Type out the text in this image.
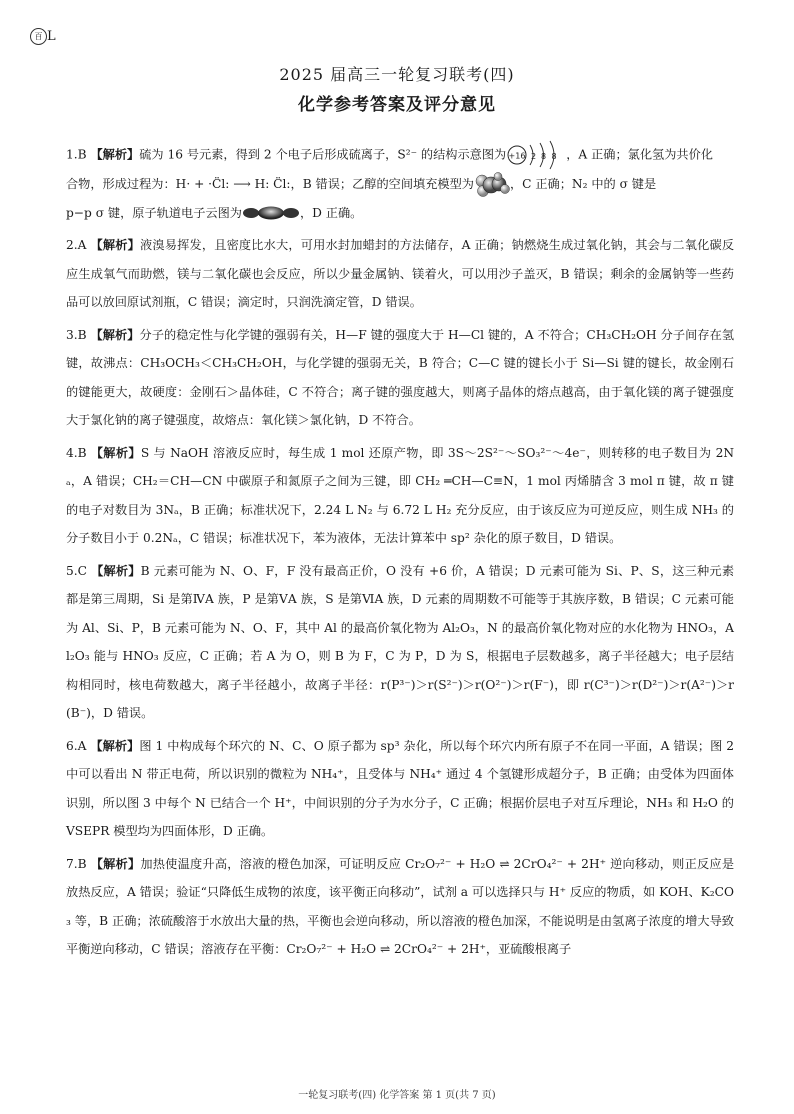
百 L
2025 届高三一轮复习联考(四)
化学参考答案及评分意见

1.B 【解析】硫为 16 号元素，得到 2 个电子后形成硫离子，S²⁻ 的结构示意图为 +16 2 8 8 ，A 正确；氯化氢为共价化
合物，形成过程为：H· + ·C̈l: ⟶ H: C̈l:，B 错误；乙醇的空间填充模型为	，C 正确；N₂ 中的 σ 键是
p−p σ 键，原子轨道电子云图为	，D 正确。

2.A 【解析】液溴易挥发，且密度比水大，可用水封加蜡封的方法储存，A 正确；钠燃烧生成过氧化钠，其会与二氧化碳反应生成氧气而助燃，镁与二氧化碳也会反应，所以少量金属钠、镁着火，可以用沙子盖灭，B 错误；剩余的金属钠等一些药品可以放回原试剂瓶，C 错误；滴定时，只润洗滴定管，D 错误。

3.B 【解析】分子的稳定性与化学键的强弱有关，H—F 键的强度大于 H—Cl 键的，A 不符合；CH₃CH₂OH 分子间存在氢键，故沸点：CH₃OCH₃＜CH₃CH₂OH，与化学键的强弱无关，B 符合；C—C 键的键长小于 Si—Si 键的键长，故金刚石的键能更大，故硬度：金刚石＞晶体硅，C 不符合；离子键的强度越大，则离子晶体的熔点越高，由于氧化镁的离子键强度大于氯化钠的离子键强度，故熔点：氧化镁＞氯化钠，D 不符合。

4.B 【解析】S 与 NaOH 溶液反应时，每生成 1 mol 还原产物，即 3S～2S²⁻～SO₃²⁻～4e⁻，则转移的电子数目为 2Nₐ，A 错误；CH₂＝CH—CN 中碳原子和氮原子之间为三键，即 CH₂ ═CH—C≡N，1 mol 丙烯腈含 3 mol π 键，故 π 键的电子对数目为 3Nₐ，B 正确；标准状况下，2.24 L N₂ 与 6.72 L H₂ 充分反应，由于该反应为可逆反应，则生成 NH₃ 的分子数目小于 0.2Nₐ，C 错误；标准状况下，苯为液体，无法计算苯中 sp² 杂化的原子数目，D 错误。

5.C 【解析】B 元素可能为 N、O、F，F 没有最高正价，O 没有 +6 价，A 错误；D 元素可能为 Si、P、S，这三种元素都是第三周期，Si 是第ⅣA 族，P 是第ⅤA 族，S 是第ⅥA 族，D 元素的周期数不可能等于其族序数，B 错误；C 元素可能为 Al、Si、P，B 元素可能为 N、O、F，其中 Al 的最高价氧化物为 Al₂O₃，N 的最高价氧化物对应的水化物为 HNO₃，Al₂O₃ 能与 HNO₃ 反应，C 正确；若 A 为 O，则 B 为 F，C 为 P，D 为 S，根据电子层数越多，离子半径越大；电子层结构相同时，核电荷数越大，离子半径越小，故离子半径：r(P³⁻)＞r(S²⁻)＞r(O²⁻)＞r(F⁻)，即 r(C³⁻)＞r(D²⁻)＞r(A²⁻)＞r(B⁻)，D 错误。

6.A 【解析】图 1 中构成每个环穴的 N、C、O 原子都为 sp³ 杂化，所以每个环穴内所有原子不在同一平面，A 错误；图 2 中可以看出 N 带正电荷，所以识别的微粒为 NH₄⁺，且受体与 NH₄⁺ 通过 4 个氢键形成超分子，B 正确；由受体为四面体识别，所以图 3 中每个 N 已结合一个 H⁺，中间识别的分子为水分子，C 正确；根据价层电子对互斥理论，NH₃ 和 H₂O 的 VSEPR 模型均为四面体形，D 正确。

7.B 【解析】加热使温度升高，溶液的橙色加深，可证明反应 Cr₂O₇²⁻ + H₂O ⇌ 2CrO₄²⁻ + 2H⁺ 逆向移动，则正反应是放热反应，A 错误；验证“只降低生成物的浓度，该平衡正向移动”，试剂 a 可以选择只与 H⁺ 反应的物质，如 KOH、K₂CO₃ 等，B 正确；浓硫酸溶于水放出大量的热，平衡也会逆向移动，所以溶液的橙色加深，不能说明是由氢离子浓度的增大导致平衡逆向移动，C 错误；溶液存在平衡：Cr₂O₇²⁻ + H₂O ⇌ 2CrO₄²⁻ + 2H⁺，亚硫酸根离子

一轮复习联考(四) 化学答案 第 1 页(共 7 页)
